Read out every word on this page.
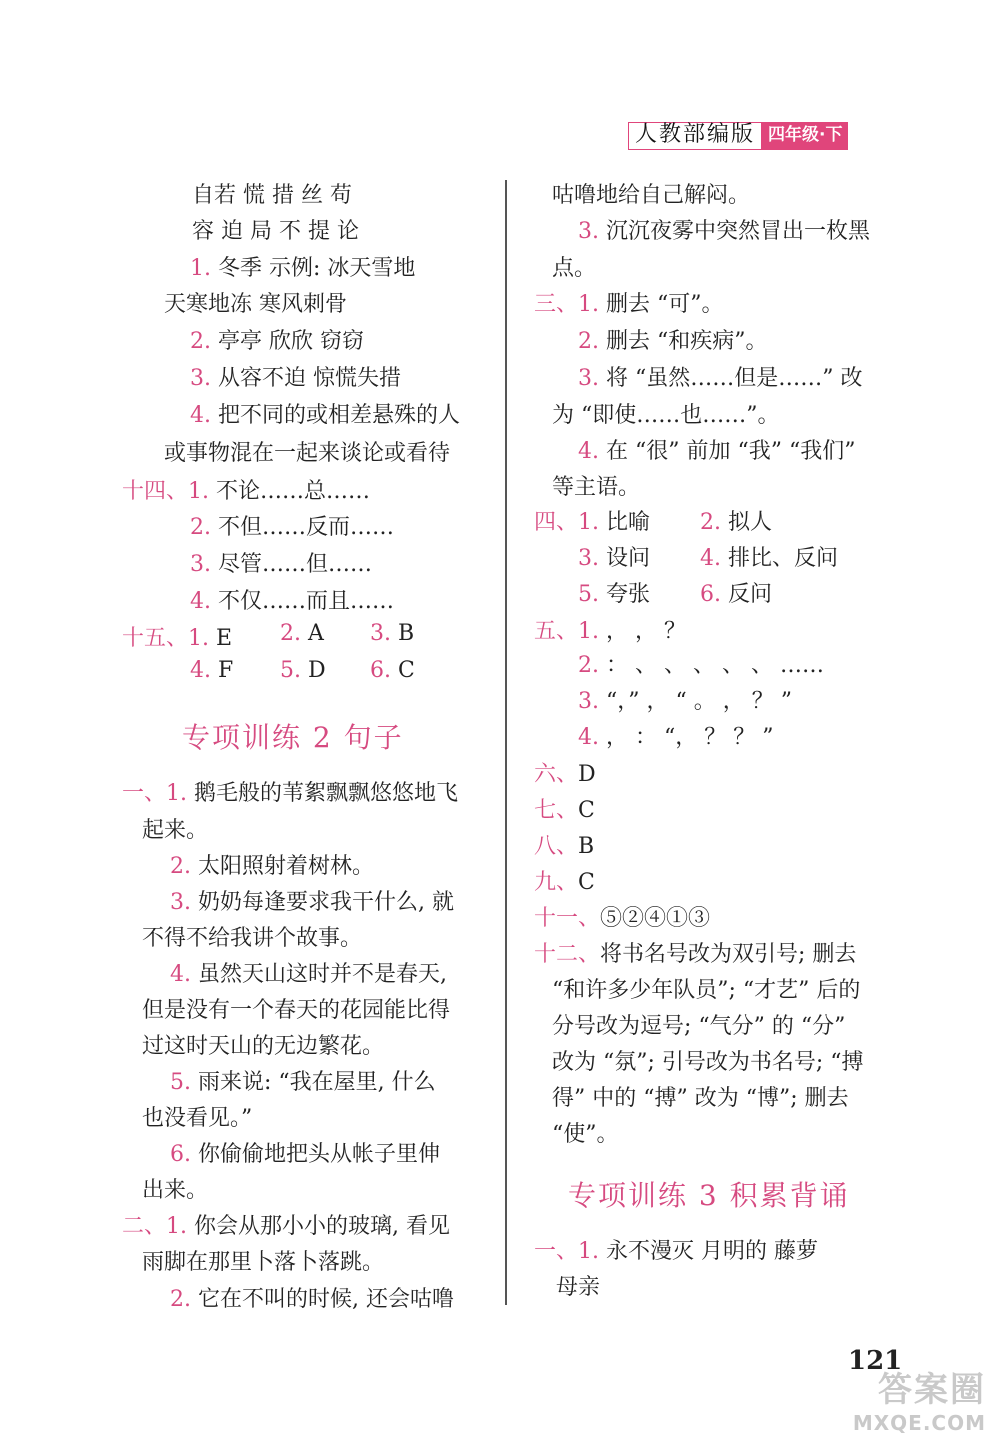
人教部编版 四年级·下
自若 慌 措 丝 苟
容 迫 局 不 提 论
1. 冬季 示例: 冰天雪地
天寒地冻 寒风刺骨
2. 亭亭 欣欣 窃窃
3. 从容不迫 惊慌失措
4. 把不同的或相差悬殊的人
或事物混在一起来谈论或看待
十四、1. 不论……总……
2. 不但……反而……
3. 尽管……但……
4. 不仅……而且……
十五、1. E 2. A 3. B
4. F 5. D 6. C
专项训练 2 句子
一、1. 鹅毛般的苇絮飘飘悠悠地飞
起来。
2. 太阳照射着树林。
3. 奶奶每逢要求我干什么, 就
不得不给我讲个故事。
4. 虽然天山这时并不是春天,
但是没有一个春天的花园能比得
过这时天山的无边繁花。
5. 雨来说: “我在屋里, 什么
也没看见。”
6. 你偷偷地把头从帐子里伸
出来。
二、1. 你会从那小小的玻璃, 看见
雨脚在那里卜落卜落跳。
2. 它在不叫的时候, 还会咕噜
咕噜地给自己解闷。
3. 沉沉夜雾中突然冒出一枚黑
点。
三、1. 删去 “可”。
2. 删去 “和疾病”。
3. 将 “虽然……但是……” 改
为 “即使……也……”。
4. 在 “很” 前加 “我” “我们”
等主语。
四、1. 比喻 2. 拟人
3. 设问 4. 排比、反问
5. 夸张 6. 反问
五、1. ， ， ？
2. ： 、 、 、 、 、 ……
3. “，” ， “ 。 ， ？ ”
4. ， ： “， ？ ？ ”
六、D
七、C
八、B
九、C
十一、⑤②④①③
十二、将书名号改为双引号; 删去
“和许多少年队员”; “才艺” 后的
分号改为逗号; “气分” 的 “分”
改为 “氛”; 引号改为书名号; “搏
得” 中的 “搏” 改为 “博”; 删去
“使”。
专项训练 3 积累背诵
一、1. 永不漫灭 月明的 藤萝
母亲
121
答案圈
MXQE.COM
